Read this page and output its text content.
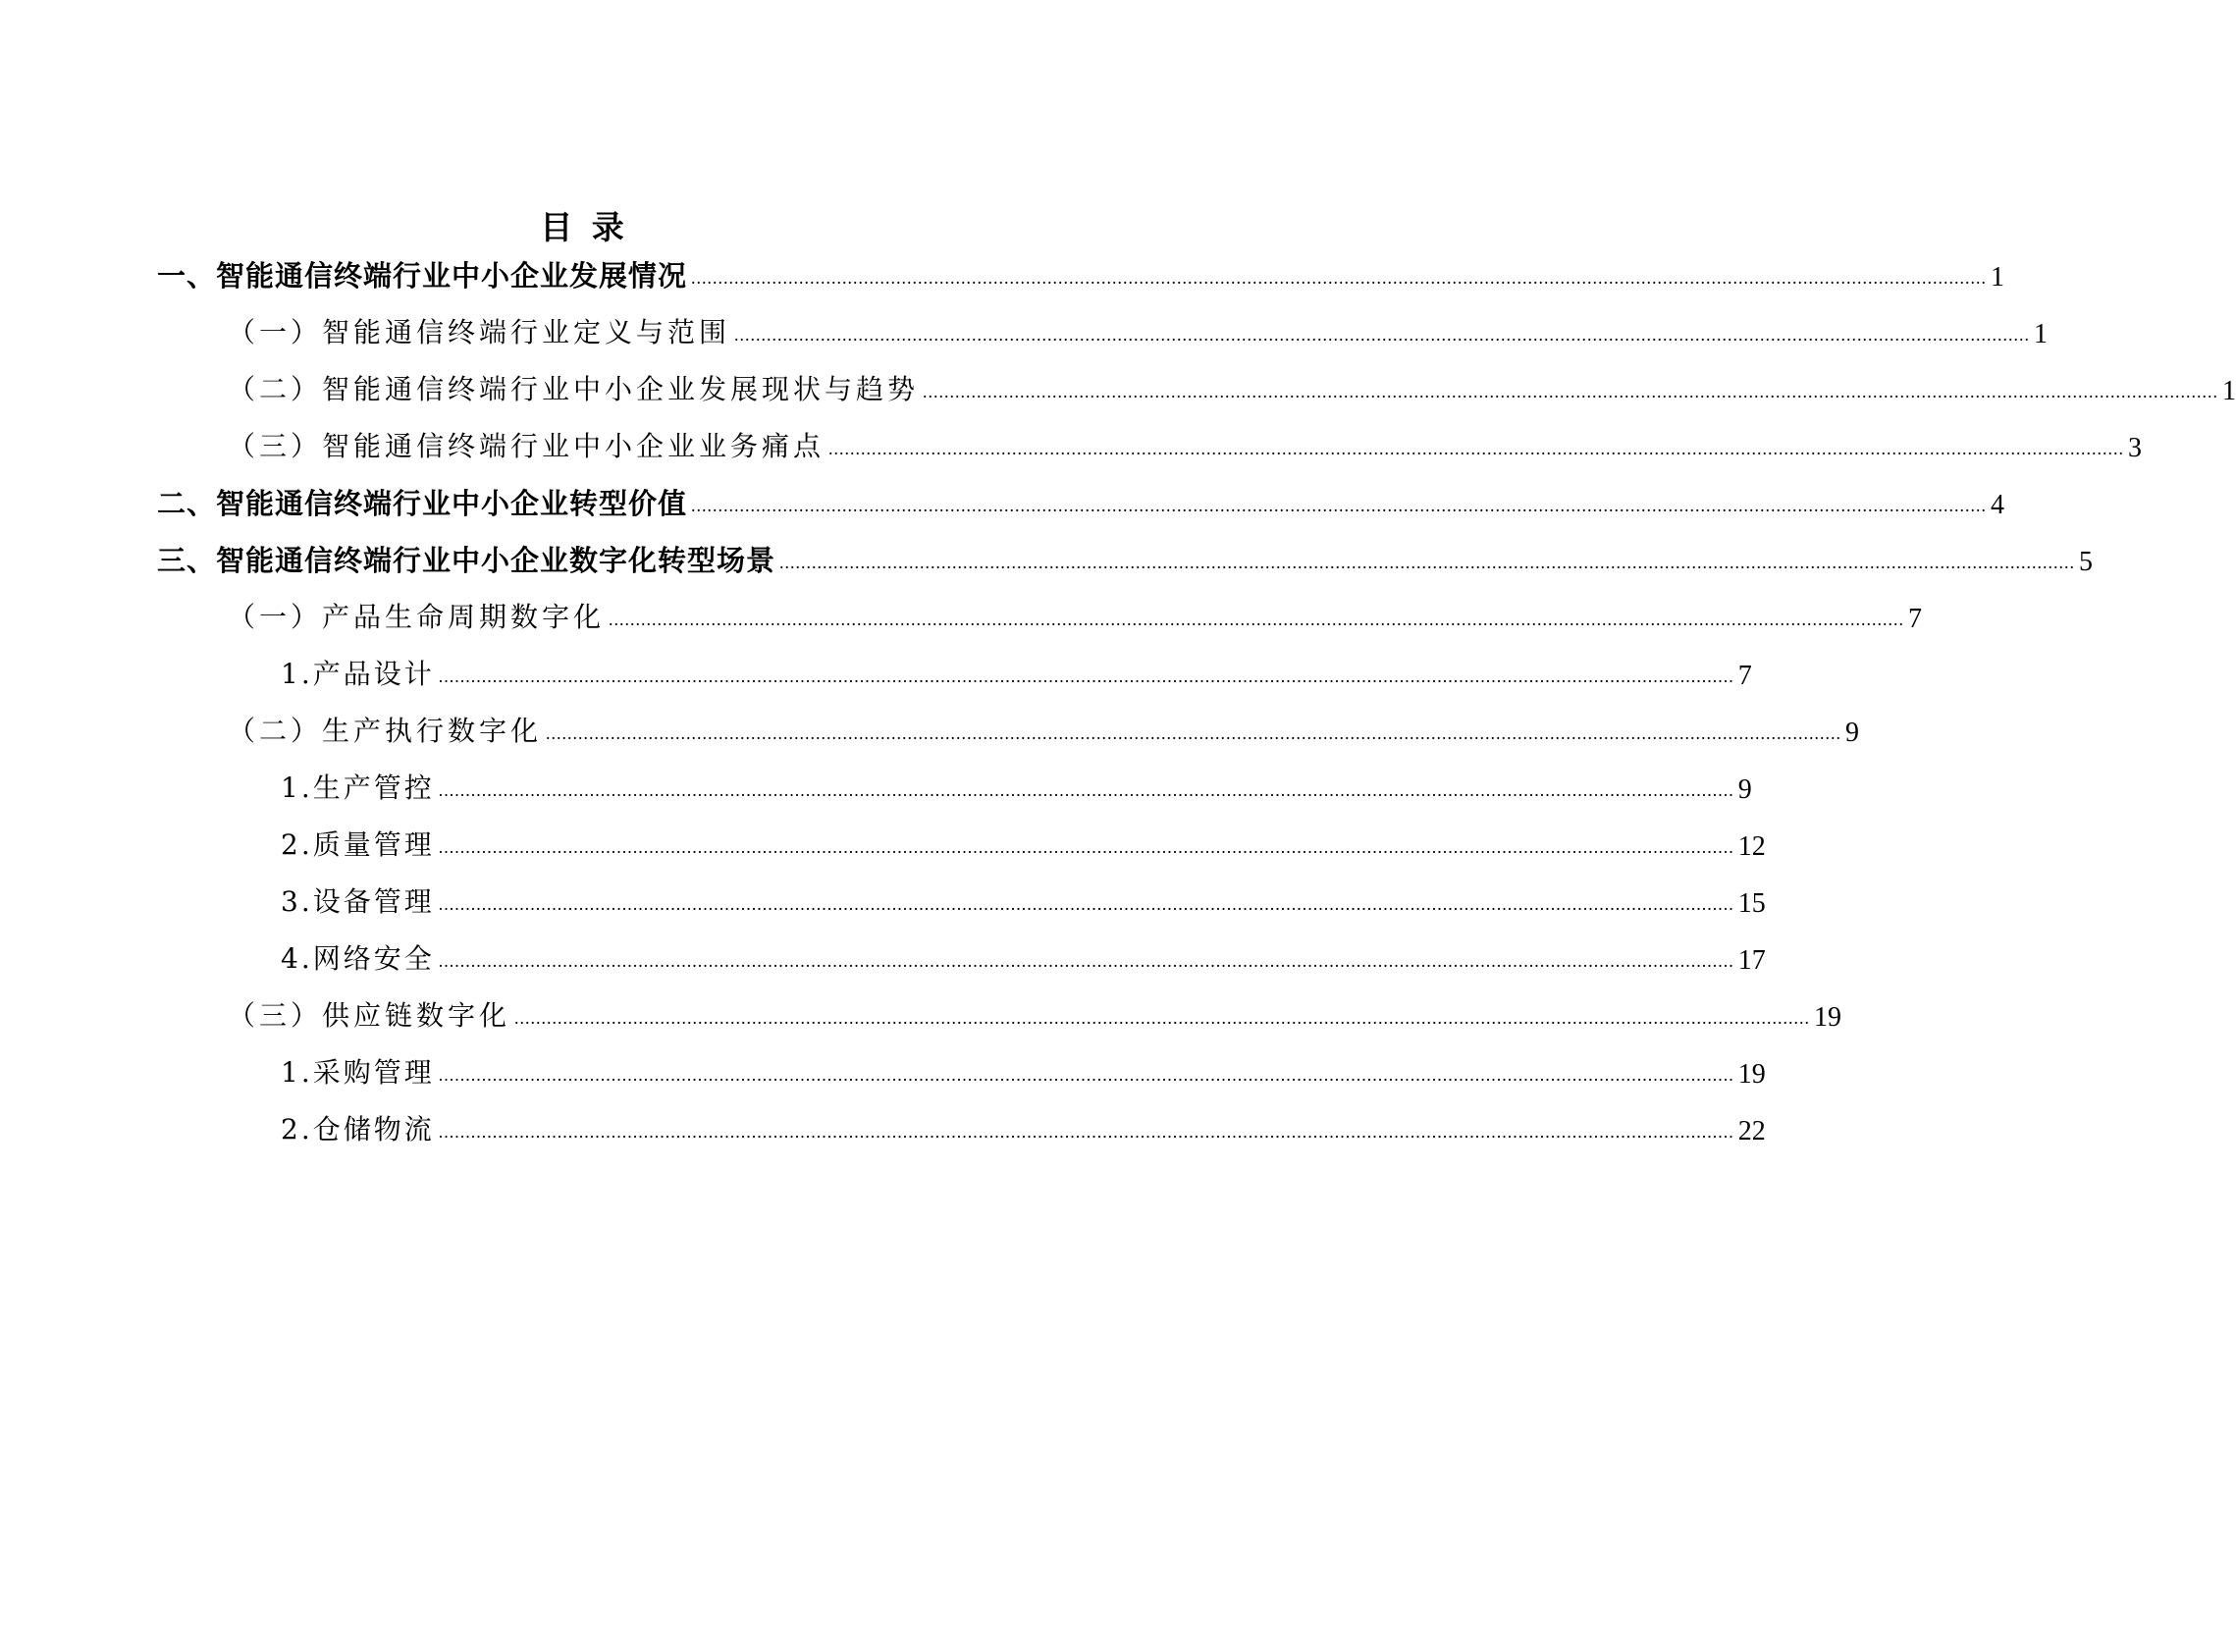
目 录
一、智能通信终端行业中小企业发展情况 ................................................................................................................................................................................................................................................ 1
（一）智能通信终端行业定义与范围 ................................................................................................................................................................................................................................................ 1
（二）智能通信终端行业中小企业发展现状与趋势 ................................................................................................................................................................................................................................................ 1
（三）智能通信终端行业中小企业业务痛点 ................................................................................................................................................................................................................................................ 3
二、智能通信终端行业中小企业转型价值 ................................................................................................................................................................................................................................................ 4
三、智能通信终端行业中小企业数字化转型场景 ................................................................................................................................................................................................................................................ 5
（一）产品生命周期数字化 ................................................................................................................................................................................................................................................ 7
1.产品设计 ................................................................................................................................................................................................................................................ 7
（二）生产执行数字化 ................................................................................................................................................................................................................................................ 9
1.生产管控 ................................................................................................................................................................................................................................................ 9
2.质量管理 ................................................................................................................................................................................................................................................ 12
3.设备管理 ................................................................................................................................................................................................................................................ 15
4.网络安全 ................................................................................................................................................................................................................................................ 17
（三）供应链数字化 ................................................................................................................................................................................................................................................ 19
1.采购管理 ................................................................................................................................................................................................................................................ 19
2.仓储物流 ................................................................................................................................................................................................................................................ 22
